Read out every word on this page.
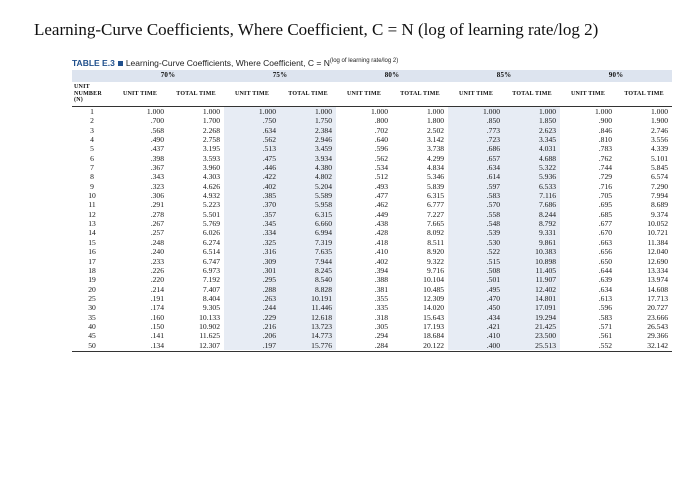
Learning-Curve Coefficients, Where Coefficient, C = N (log of learning rate/log 2)
TABLE E.3 Learning-Curve Coefficients, Where Coefficient, $C = N^{(log of learning rate/log 2)}$
	70%		75%		80%		85%		90%	
UNIT NUMBER (N)	UNIT TIME	TOTAL TIME	UNIT TIME	TOTAL TIME	UNIT TIME	TOTAL TIME	UNIT TIME	TOTAL TIME	UNIT TIME	TOTAL TIME
1	1.000	1.000	1.000	1.000	1.000	1.000	1.000	1.000	1.000	1.000
2	.700	1.700	.750	1.750	.800	1.800	.850	1.850	.900	1.900
3	.568	2.268	.634	2.384	.702	2.502	.773	2.623	.846	2.746
4	.490	2.758	.562	2.946	.640	3.142	.723	3.345	.810	3.556
5	.437	3.195	.513	3.459	.596	3.738	.686	4.031	.783	4.339
6	.398	3.593	.475	3.934	.562	4.299	.657	4.688	.762	5.101
7	.367	3.960	.446	4.380	.534	4.834	.634	5.322	.744	5.845
8	.343	4.303	.422	4.802	.512	5.346	.614	5.936	.729	6.574
9	.323	4.626	.402	5.204	.493	5.839	.597	6.533	.716	7.290
10	.306	4.932	.385	5.589	.477	6.315	.583	7.116	.705	7.994
11	.291	5.223	.370	5.958	.462	6.777	.570	7.686	.695	8.689
12	.278	5.501	.357	6.315	.449	7.227	.558	8.244	.685	9.374
13	.267	5.769	.345	6.660	.438	7.665	.548	8.792	.677	10.052
14	.257	6.026	.334	6.994	.428	8.092	.539	9.331	.670	10.721
15	.248	6.274	.325	7.319	.418	8.511	.530	9.861	.663	11.384
16	.240	6.514	.316	7.635	.410	8.920	.522	10.383	.656	12.040
17	.233	6.747	.309	7.944	.402	9.322	.515	10.898	.650	12.690
18	.226	6.973	.301	8.245	.394	9.716	.508	11.405	.644	13.334
19	.220	7.192	.295	8.540	.388	10.104	.501	11.907	.639	13.974
20	.214	7.407	.288	8.828	.381	10.485	.495	12.402	.634	14.608
25	.191	8.404	.263	10.191	.355	12.309	.470	14.801	.613	17.713
30	.174	9.305	.244	11.446	.335	14.020	.450	17.091	.596	20.727
35	.160	10.133	.229	12.618	.318	15.643	.434	19.294	.583	23.666
40	.150	10.902	.216	13.723	.305	17.193	.421	21.425	.571	26.543
45	.141	11.625	.206	14.773	.294	18.684	.410	23.500	.561	29.366
50	.134	12.307	.197	15.776	.284	20.122	.400	25.513	.552	32.142
